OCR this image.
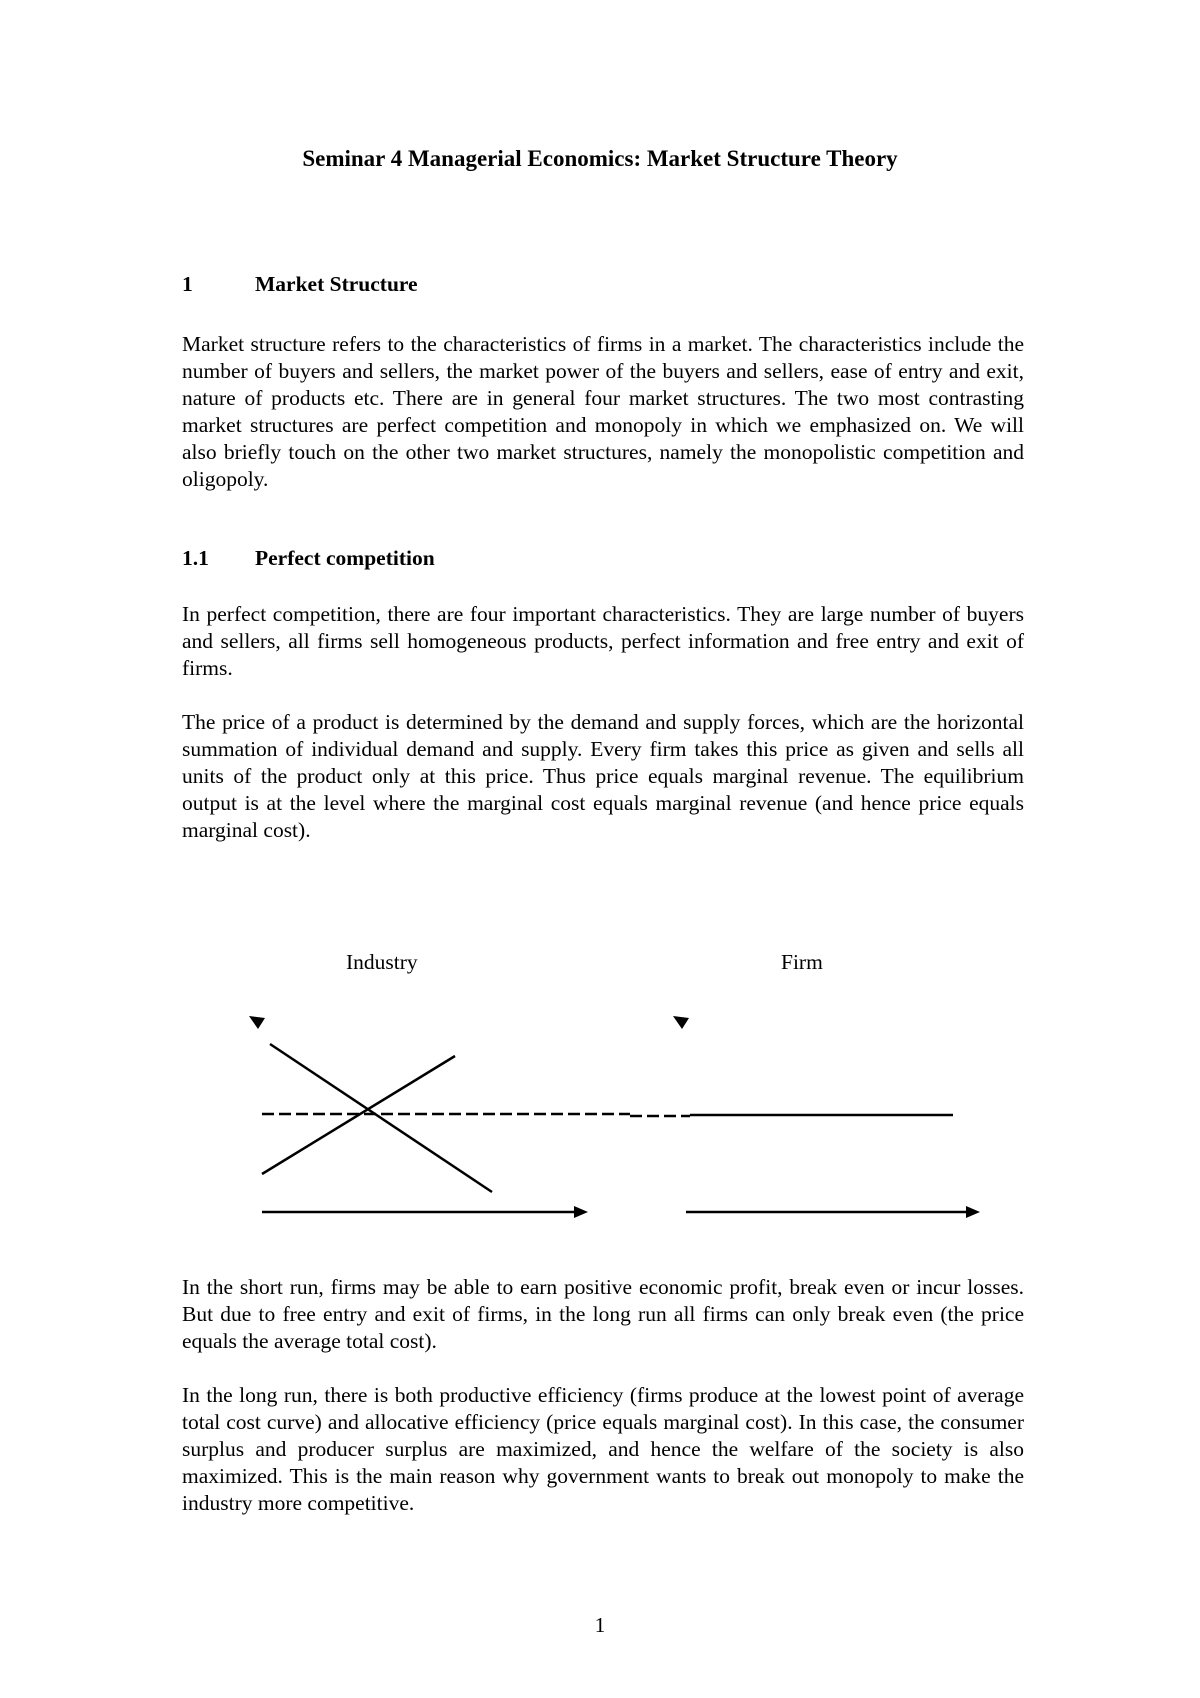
Seminar 4 Managerial Economics: Market Structure Theory
1	Market Structure

Market structure refers to the characteristics of firms in a market. The characteristics include the number of buyers and sellers, the market power of the buyers and sellers, ease of entry and exit, nature of products etc. There are in general four market structures. The two most contrasting market structures are perfect competition and monopoly in which we emphasized on. We will also briefly touch on the other two market structures, namely the monopolistic competition and oligopoly.

1.1 Perfect competition

In perfect competition, there are four important characteristics. They are large number of buyers and sellers, all firms sell homogeneous products, perfect information and free entry and exit of firms.

The price of a product is determined by the demand and supply forces, which are the horizontal summation of individual demand and supply. Every firm takes this price as given and sells all units of the product only at this price. Thus price equals marginal revenue. The equilibrium output is at the level where the marginal cost equals marginal revenue (and hence price equals marginal cost).

Industry	Firm

In the short run, firms may be able to earn positive economic profit, break even or incur losses. But due to free entry and exit of firms, in the long run all firms can only break even (the price equals the average total cost).

In the long run, there is both productive efficiency (firms produce at the lowest point of average total cost curve) and allocative efficiency (price equals marginal cost). In this case, the consumer surplus and producer surplus are maximized, and hence the welfare of the society is also maximized. This is the main reason why government wants to break out monopoly to make the industry more competitive.

1
